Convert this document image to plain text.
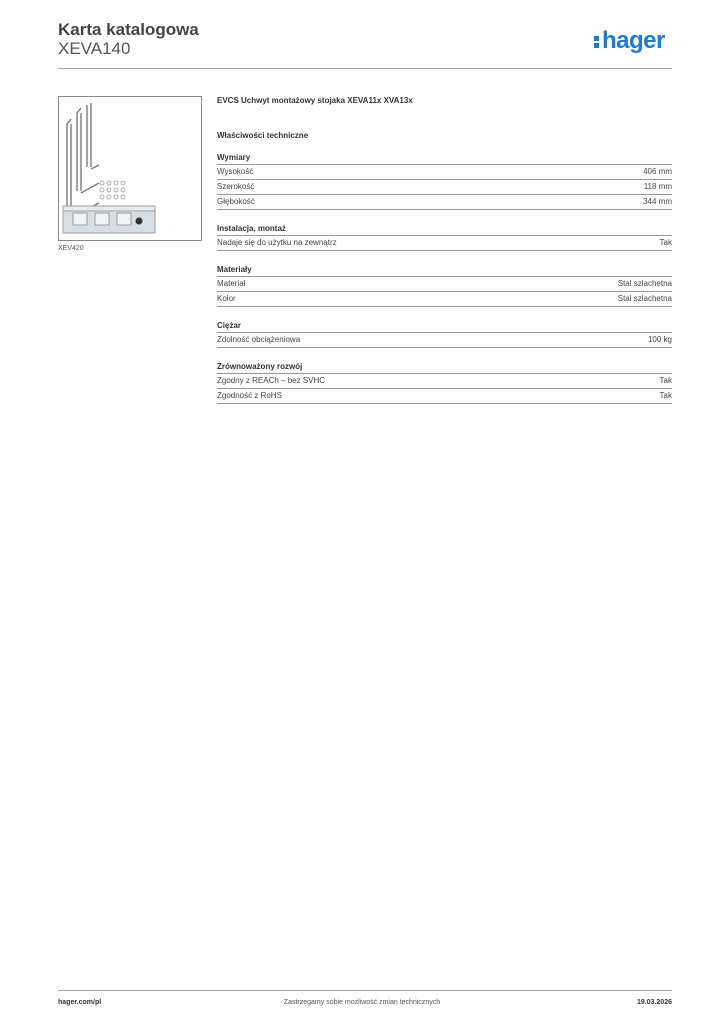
Karta katalogowa
XEVA140	hager
XEV420
EVCS Uchwyt montażowy stojaka XEVA11x XVA13x
Właściwości techniczne
Wymiary
Wysokość	406 mm
Szerokość	118 mm
Głębokość	344 mm
Instalacja, montaż
Nadaje się do użytku na zewnątrz	Tak
Materiały
Materiał	Stal szlachetna
Kolor	Stal szlachetna
Ciężar
Zdolność obciążeniowa	100 kg
Zrównoważony rozwój
Zgodny z REACh – bez SVHC	Tak
Zgodność z RoHS	Tak
hager.com/pl	Zastrzegamy sobie możliwość zmian technicznych	19.03.2026
